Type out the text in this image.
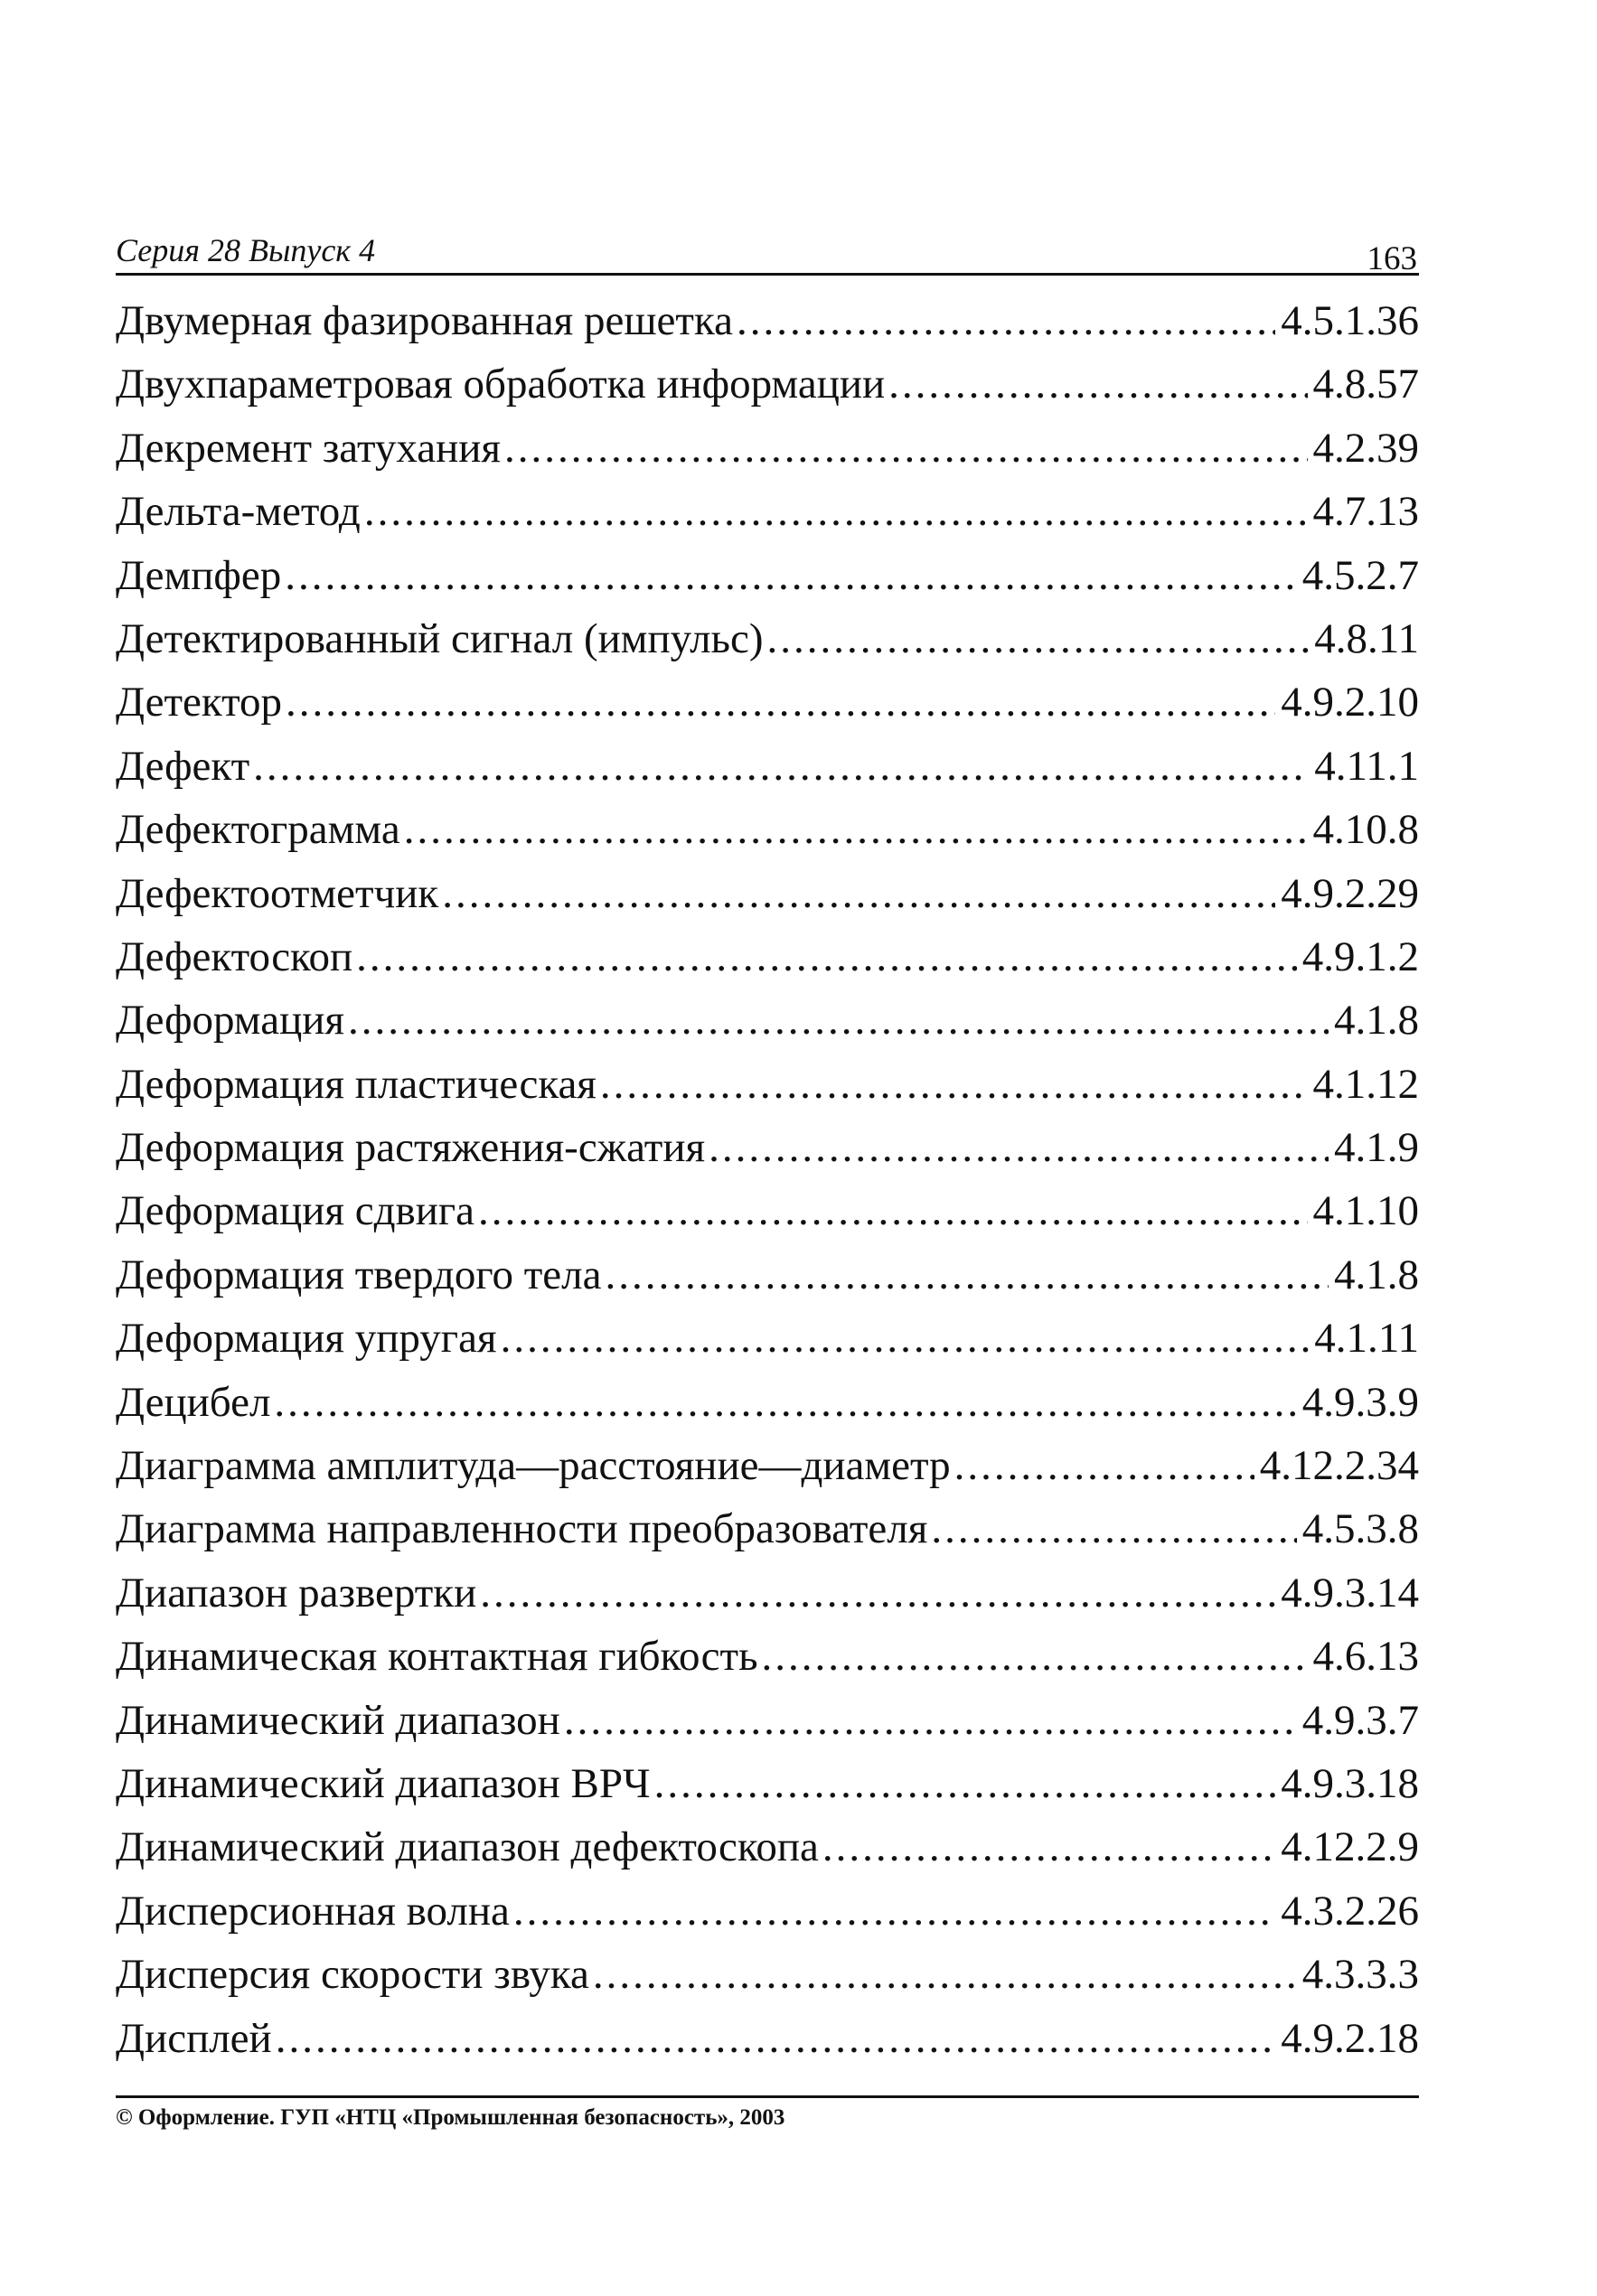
Серия 28 Выпуск 4	163
Двумерная фазированная решетка .....	4.5.1.36
Двухпараметровая обработка информации .....	4.8.57
Декремент затухания .....	4.2.39
Дельта-метод .....	4.7.13
Демпфер .....	4.5.2.7
Детектированный сигнал (импульс) .....	4.8.11
Детектор .....	4.9.2.10
Дефект .....	4.11.1
Дефектограмма .....	4.10.8
Дефектоотметчик .....	4.9.2.29
Дефектоскоп .....	4.9.1.2
Деформация .....	4.1.8
Деформация пластическая .....	4.1.12
Деформация растяжения-сжатия .....	4.1.9
Деформация сдвига .....	4.1.10
Деформация твердого тела .....	4.1.8
Деформация упругая .....	4.1.11
Децибел .....	4.9.3.9
Диаграмма амплитуда—расстояние—диаметр .....	4.12.2.34
Диаграмма направленности преобразователя .....	4.5.3.8
Диапазон развертки .....	4.9.3.14
Динамическая контактная гибкость .....	4.6.13
Динамический диапазон .....	4.9.3.7
Динамический диапазон ВРЧ .....	4.9.3.18
Динамический диапазон дефектоскопа .....	4.12.2.9
Дисперсионная волна .....	4.3.2.26
Дисперсия скорости звука .....	4.3.3.3
Дисплей .....	4.9.2.18
© Оформление. ГУП «НТЦ «Промышленная безопасность», 2003
